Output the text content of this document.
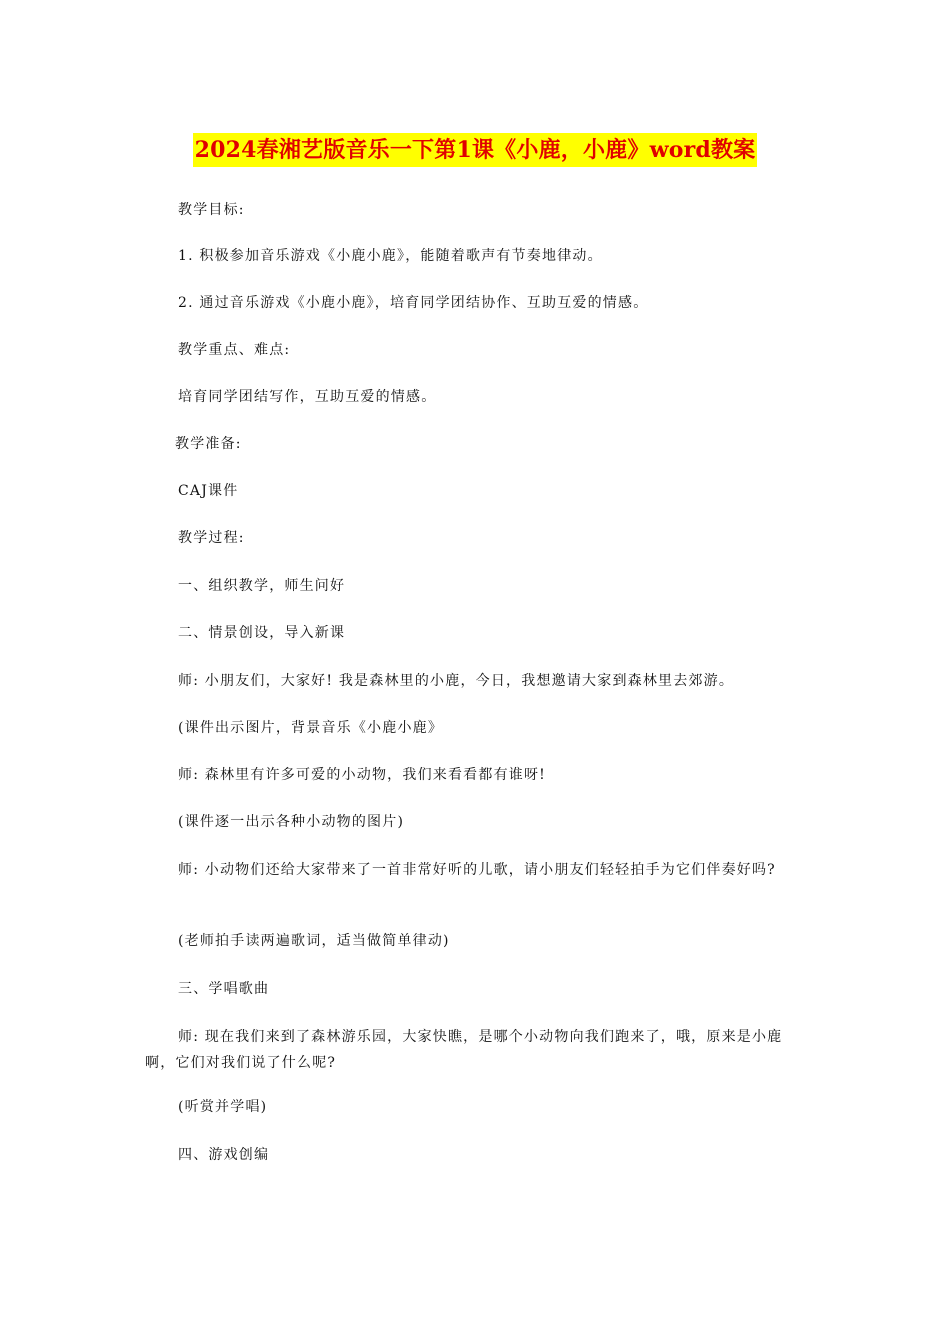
2024春湘艺版音乐一下第1课《小鹿，小鹿》word教案
教学目标:
1. 积极参加音乐游戏《小鹿小鹿》，能随着歌声有节奏地律动。
2. 通过音乐游戏《小鹿小鹿》，培育同学团结协作、互助互爱的情感。
教学重点、难点:
培育同学团结写作，互助互爱的情感。
教学准备:
CAJ课件
教学过程:
一、组织教学，师生问好
二、情景创设，导入新课
师: 小朋友们，大家好! 我是森林里的小鹿，今日，我想邀请大家到森林里去郊游。
(课件出示图片，背景音乐《小鹿小鹿》
师: 森林里有许多可爱的小动物，我们来看看都有谁呀!
(课件逐一出示各种小动物的图片)
师: 小动物们还给大家带来了一首非常好听的儿歌，请小朋友们轻轻拍手为它们伴奏好吗?
(老师拍手读两遍歌词，适当做简单律动)
三、学唱歌曲
师: 现在我们来到了森林游乐园，大家快瞧，是哪个小动物向我们跑来了，哦，原来是小鹿啊，它们对我们说了什么呢?
(听赏并学唱)
四、游戏创编
